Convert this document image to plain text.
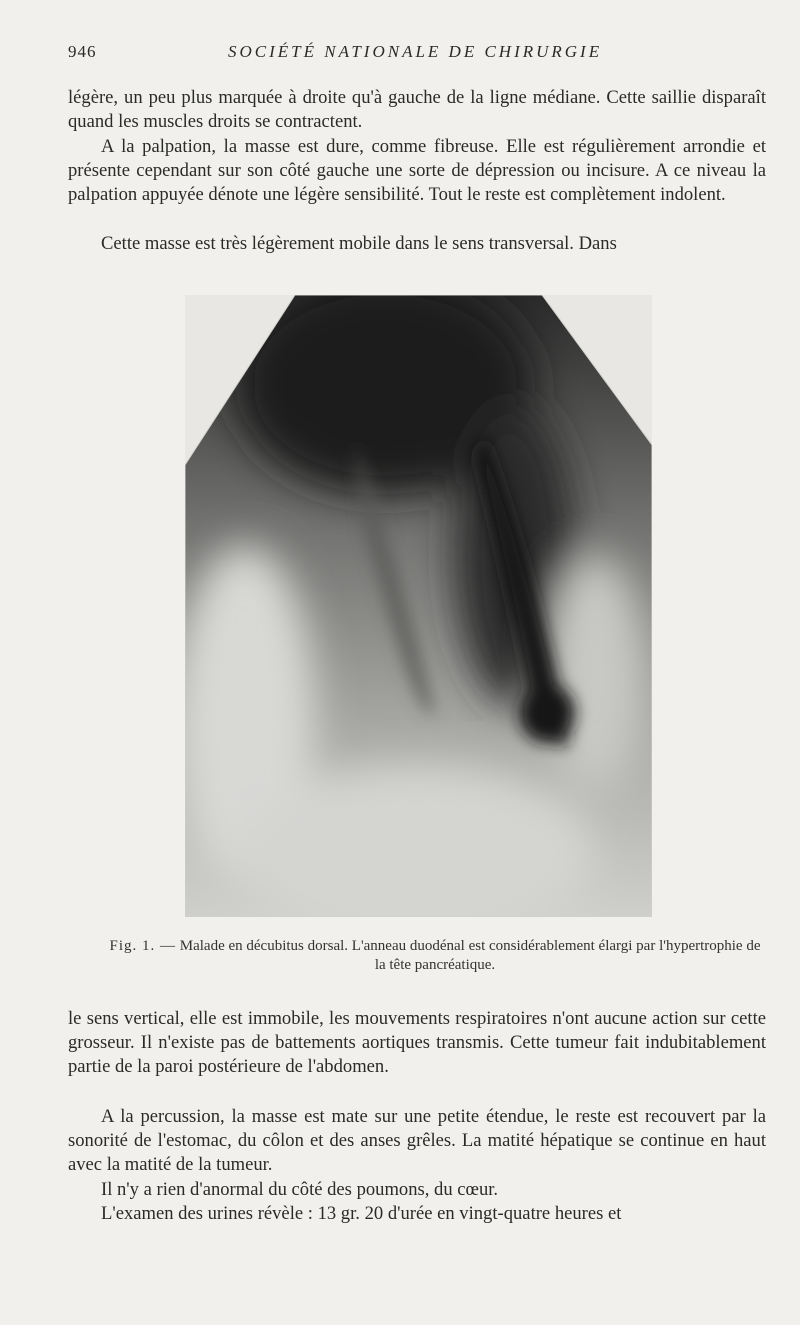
946	SOCIÉTÉ NATIONALE DE CHIRURGIE

légère, un peu plus marquée à droite qu'à gauche de la ligne médiane. Cette saillie disparaît quand les muscles droits se contractent.

A la palpation, la masse est dure, comme fibreuse. Elle est régulièrement arrondie et présente cependant sur son côté gauche une sorte de dépression ou incisure. A ce niveau la palpation appuyée dénote une légère sensibilité. Tout le reste est complètement indolent.

Cette masse est très légèrement mobile dans le sens transversal. Dans

Fig. 1. — Malade en décubitus dorsal. L'anneau duodénal est considérablement élargi par l'hypertrophie de la tête pancréatique.

le sens vertical, elle est immobile, les mouvements respiratoires n'ont aucune action sur cette grosseur. Il n'existe pas de battements aortiques transmis. Cette tumeur fait indubitablement partie de la paroi postérieure de l'abdomen.

A la percussion, la masse est mate sur une petite étendue, le reste est recouvert par la sonorité de l'estomac, du côlon et des anses grêles. La matité hépatique se continue en haut avec la matité de la tumeur.

Il n'y a rien d'anormal du côté des poumons, du cœur.

L'examen des urines révèle : 13 gr. 20 d'urée en vingt-quatre heures et
